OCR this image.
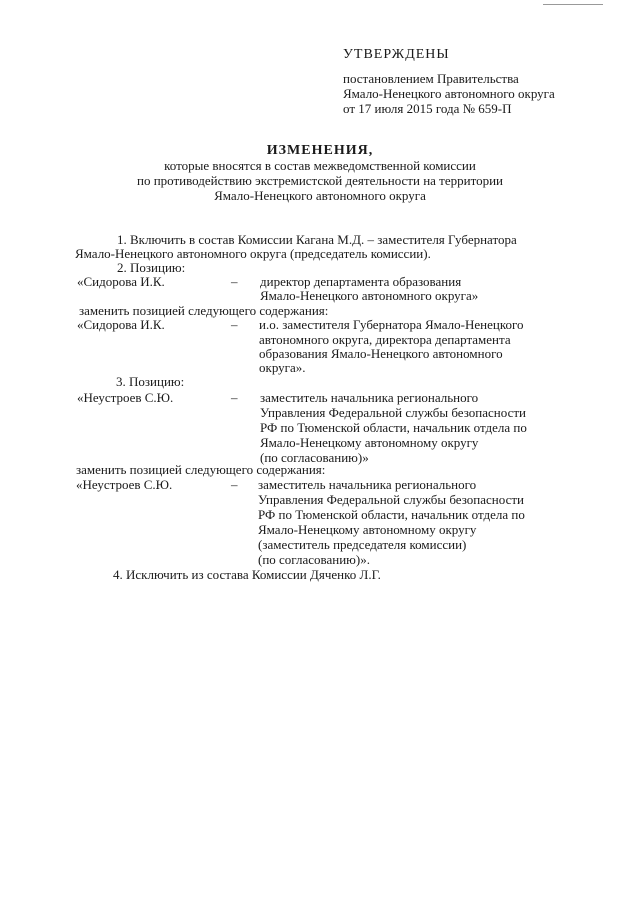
УТВЕРЖДЕНЫ
постановлением Правительства
Ямало-Ненецкого автономного округа
от 17 июля 2015 года № 659-П
ИЗМЕНЕНИЯ,
которые вносятся в состав межведомственной комиссии
по противодействию экстремистской деятельности на территории
Ямало-Ненецкого автономного округа
1. Включить в состав Комиссии Кагана М.Д. – заместителя Губернатора
Ямало-Ненецкого автономного округа (председатель комиссии).
2. Позицию:
«Сидорова И.К.	– директор департамента образования
Ямало-Ненецкого автономного округа»
заменить позицией следующего содержания:
«Сидорова И.К.	– и.о. заместителя Губернатора Ямало-Ненецкого
автономного округа, директора департамента
образования Ямало-Ненецкого автономного
округа».
3. Позицию:
«Неустроев С.Ю.	– заместитель начальника регионального
Управления Федеральной службы безопасности
РФ по Тюменской области, начальник отдела по
Ямало-Ненецкому автономному округу
(по согласованию)»
заменить позицией следующего содержания:
«Неустроев С.Ю.	– заместитель начальника регионального
Управления Федеральной службы безопасности
РФ по Тюменской области, начальник отдела по
Ямало-Ненецкому автономному округу
(заместитель председателя комиссии)
(по согласованию)».
4. Исключить из состава Комиссии Дяченко Л.Г.
